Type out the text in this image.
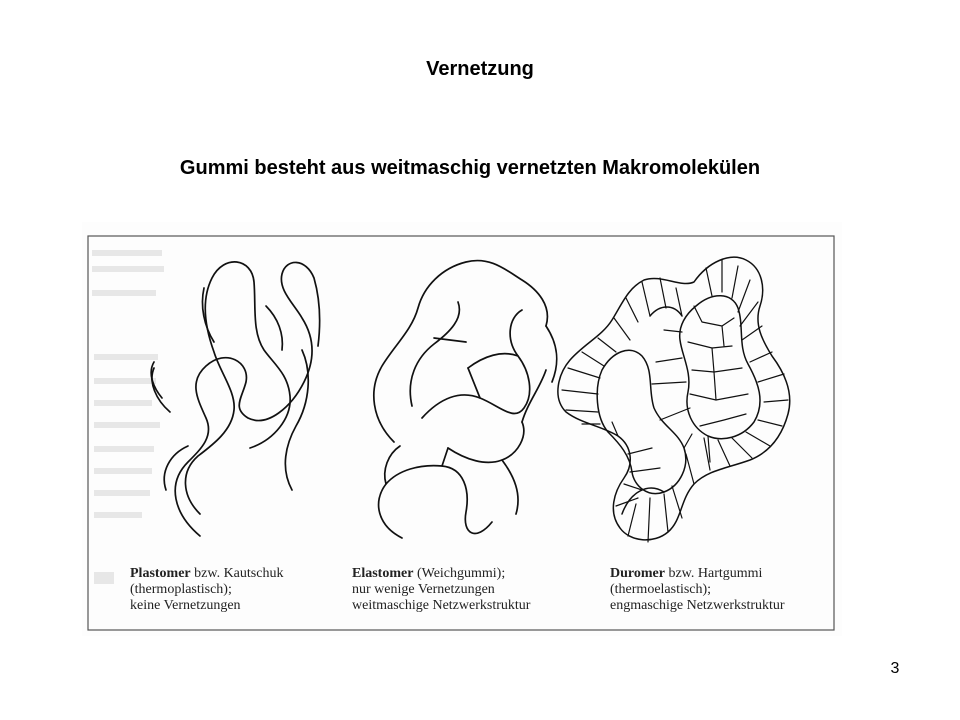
Vernetzung
Gummi besteht aus weitmaschig vernetzten Makromolekülen
Plastomer bzw. Kautschuk
(thermoplastisch);
keine Vernetzungen
Elastomer (Weichgummi);
nur wenige Vernetzungen
weitmaschige Netzwerkstruktur
Duromer bzw. Hartgummi
(thermoelastisch);
engmaschige Netzwerkstruktur
3
